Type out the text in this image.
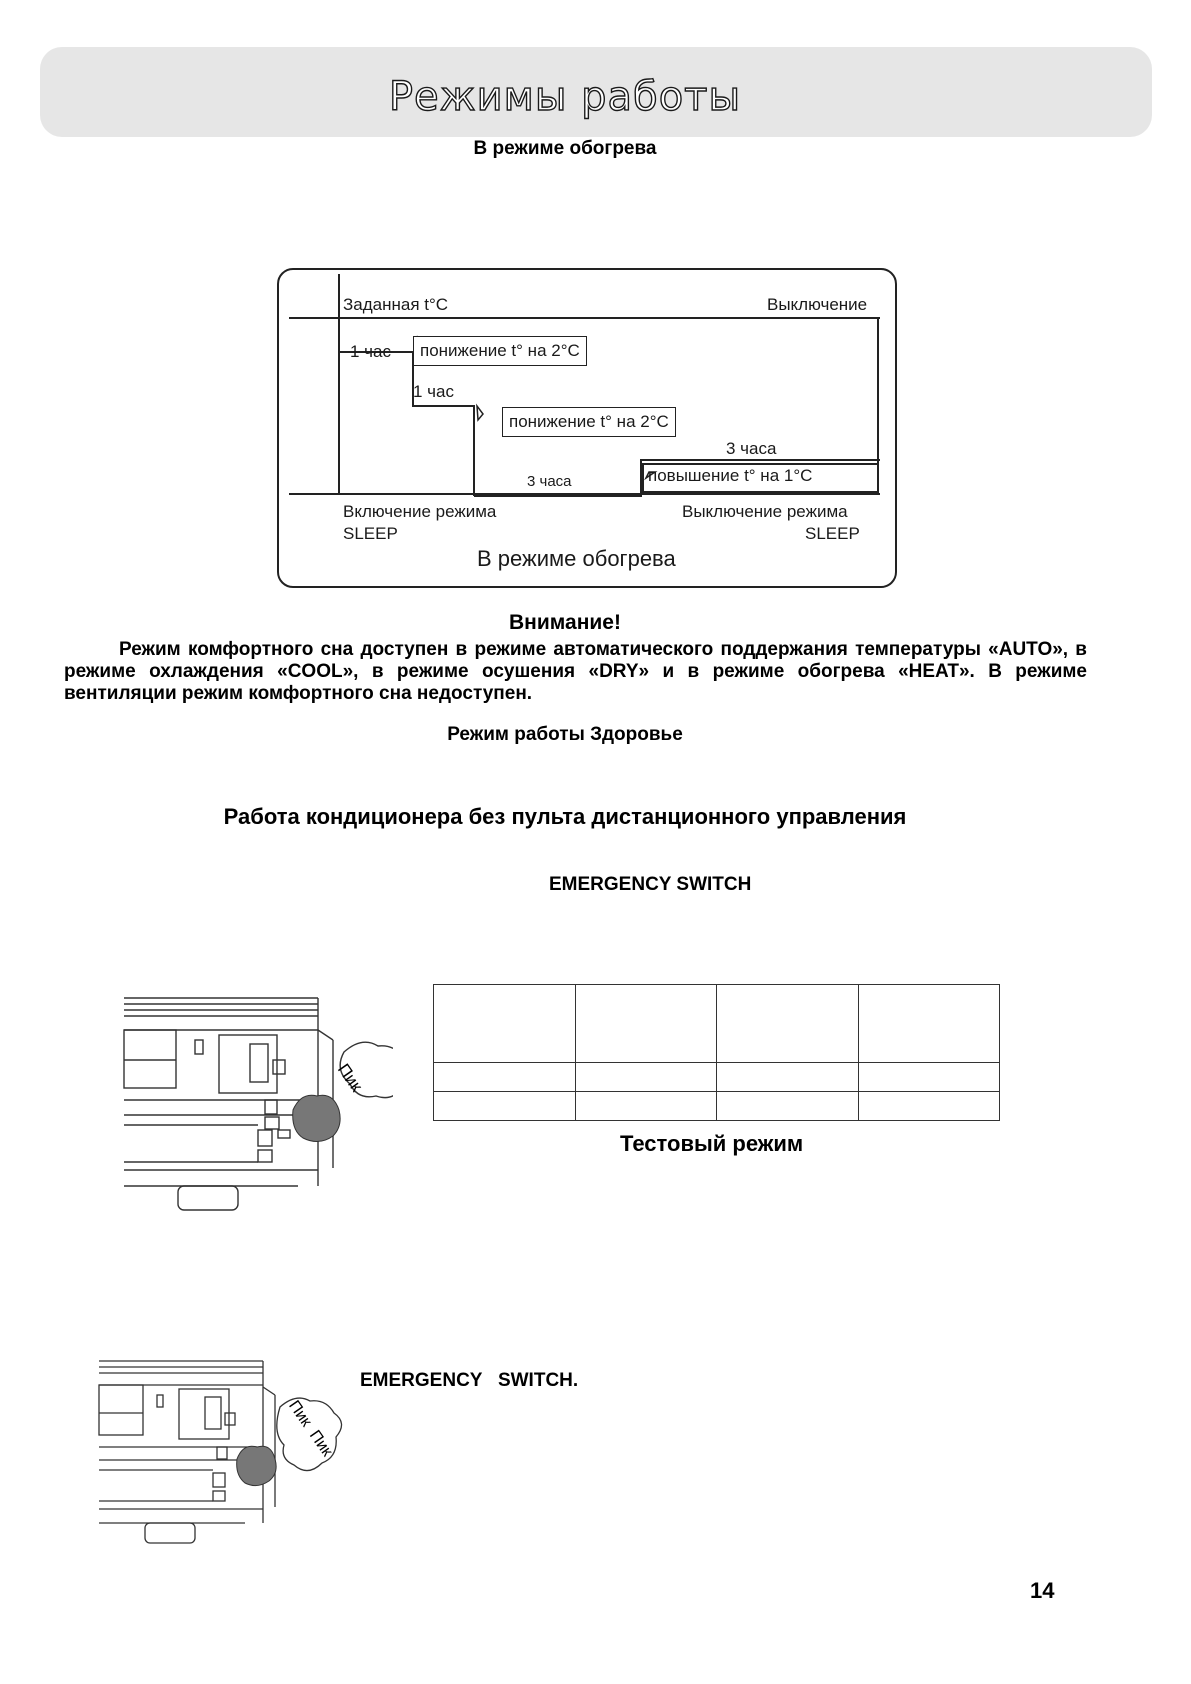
Режимы работы
В режиме обогрева
Заданная t°C	Выключение
1 час	понижение t° на 2°C
1 час
понижение t° на 2°C
3 часа
3 часа	повышение t° на 1°C
Включение режима
SLEEP
Выключение режима
SLEEP
В режиме обогрева
Внимание!
Режим комфортного сна доступен в режиме автоматического поддержания температуры «AUTO», в режиме охлаждения «COOL», в режиме осушения «DRY» и в режиме обогрева «HEAT». В режиме вентиляции режим комфортного сна недоступен.
Режим работы Здоровье
Работа кондиционера без пульта дистанционного управления
EMERGENCY SWITCH
Пик

Тестовый режим
Пик  Пик
EMERGENCY   SWITCH.
14
